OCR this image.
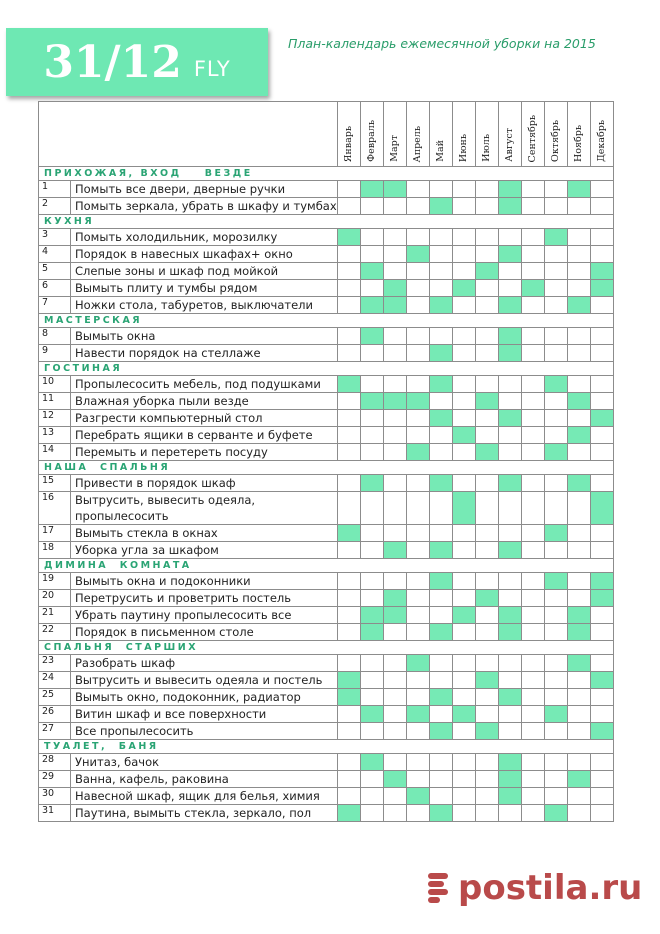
31/12 FLY
План-календарь ежемесячной уборки на 2015
		Январь	Февраль	Март	Апрель	Май	Июнь	Июль	Август	Сентябрь	Октябрь	Ноябрь	Декабрь
ПРИХОЖАЯ, ВХОД    ВЕЗДЕ													
1	Помыть все двери, дверные ручки												

2	Помыть зеркала, убрать в шкафу и тумбах												

КУХНЯ													
3	Помыть холодильник, морозилку												

4	Порядок в навесных шкафах+ окно												

5	Слепые зоны и шкаф под мойкой												

6	Вымыть плиту и тумбы рядом												

7	Ножки стола, табуретов, выключатели												

МАСТЕРСКАЯ													
8	Вымыть окна												

9	Навести порядок на стеллаже												

ГОСТИНАЯ													
10	Пропылесосить мебель, под подушками												

11	Влажная уборка пыли везде												

12	Разгрести компьютерный стол												

13	Перебрать ящики в серванте и буфете												

14	Перемыть и перетереть посуду												

НАША  СПАЛЬНЯ													
15	Привести в порядок шкаф												

16	Вытрусить, вывесить одеяла,
пропылесосить												

17	Вымыть стекла в окнах												

18	Уборка угла за шкафом												

ДИМИНА  КОМНАТА													
19	Вымыть окна и подоконники												

20	Перетрусить и проветрить постель												

21	Убрать паутину пропылесосить все												

22	Порядок в письменном столе												

СПАЛЬНЯ  СТАРШИХ													
23	Разобрать шкаф												

24	Вытрусить и вывесить одеяла и постель												

25	Вымыть окно, подоконник, радиатор												

26	Витин шкаф и все поверхности												

27	Все пропылесосить												

ТУАЛЕТ,  БАНЯ													
28	Унитаз, бачок												

29	Ванна, кафель, раковина												

30	Навесной шкаф, ящик для белья, химия												

31	Паутина, вымыть стекла, зеркало, пол												

postila.ru
